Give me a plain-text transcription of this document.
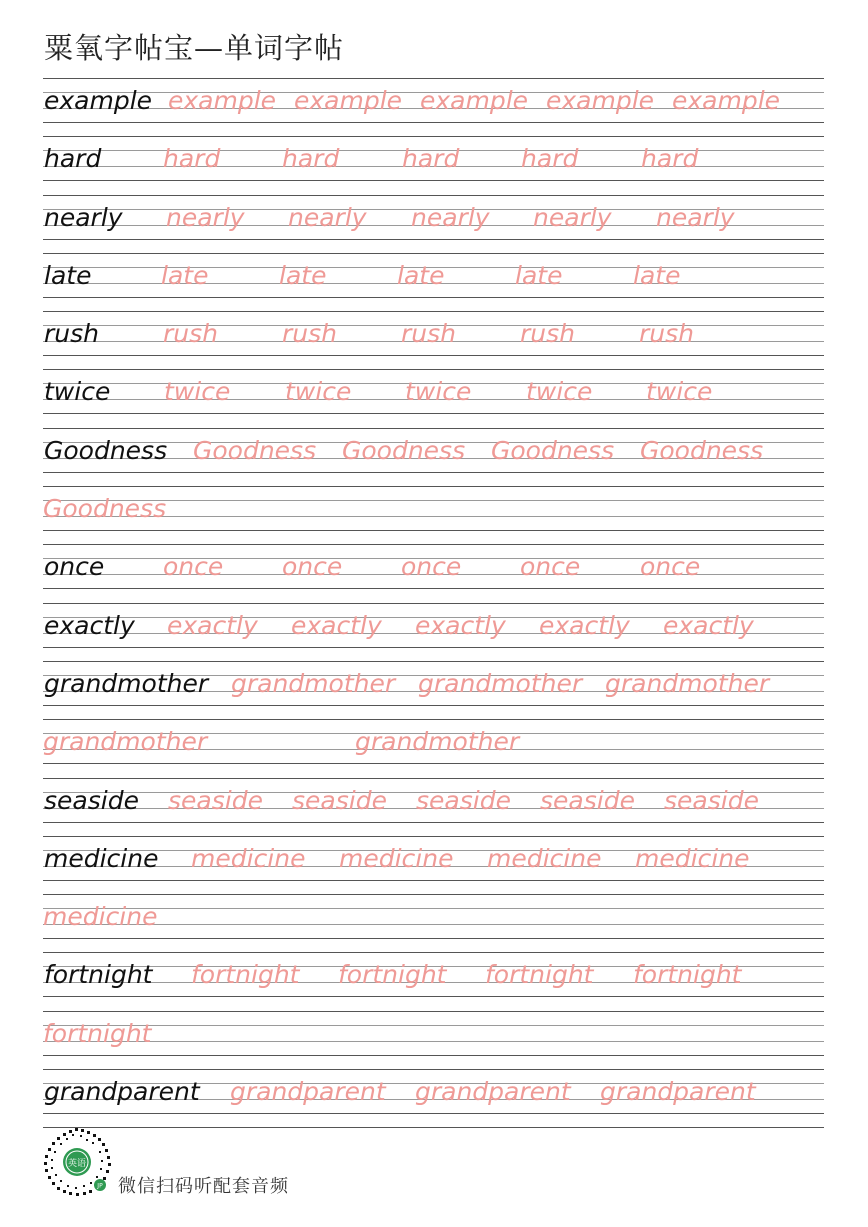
粟氧字帖宝—单词字帖
example example example example example example
hard hard hard	hard hard	hard
nearly nearly nearly nearly nearly nearly
late	late	late	late	late	late
rush	rush	rush	rush	rush	rush
twice twice twice twice twice twice
Goodness Goodness Goodness Goodness Goodness
Goodness
once once once once once once
exactly exactly exactly exactly exactly exactly
grandmother grandmother grandmother grandmother
grandmother	grandmother
seaside seaside seaside seaside seaside seaside
medicine medicine medicine medicine medicine
medicine
fortnight fortnight fortnight fortnight fortnight
fortnight
grandparent grandparent grandparent grandparent
英语
JP 微信扫码听配套音频
